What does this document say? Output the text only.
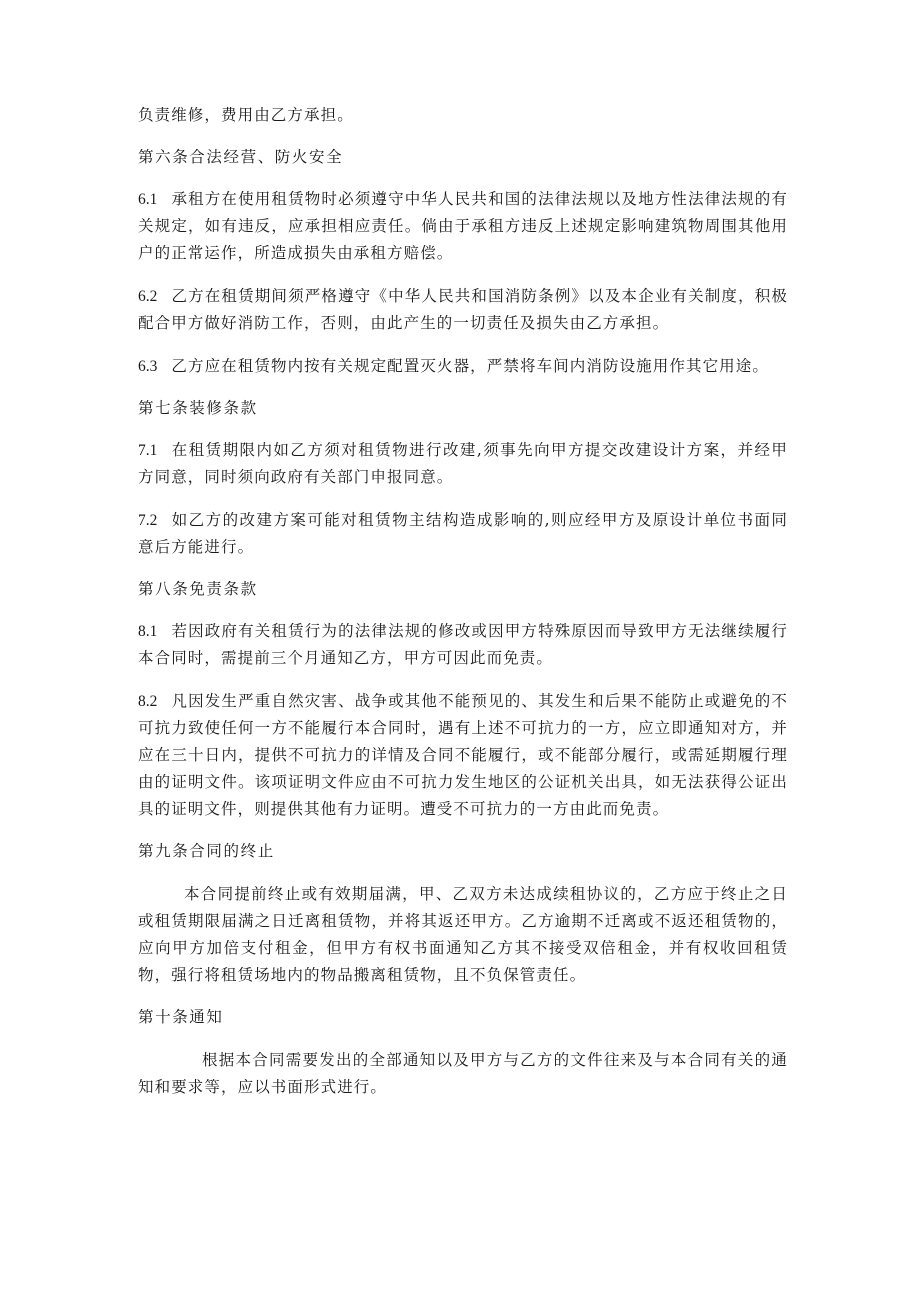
负责维修，费用由乙方承担。

第六条合法经营、防火安全

6.1 承租方在使用租赁物时必须遵守中华人民共和国的法律法规以及地方性法律法规的有关规定，如有违反，应承担相应责任。倘由于承租方违反上述规定影响建筑物周围其他用户的正常运作，所造成损失由承租方赔偿。

6.2 乙方在租赁期间须严格遵守《中华人民共和国消防条例》以及本企业有关制度，积极配合甲方做好消防工作，否则，由此产生的一切责任及损失由乙方承担。

6.3 乙方应在租赁物内按有关规定配置灭火器，严禁将车间内消防设施用作其它用途。

第七条装修条款

7.1 在租赁期限内如乙方须对租赁物进行改建,须事先向甲方提交改建设计方案，并经甲方同意，同时须向政府有关部门申报同意。

7.2 如乙方的改建方案可能对租赁物主结构造成影响的,则应经甲方及原设计单位书面同意后方能进行。

第八条免责条款

8.1 若因政府有关租赁行为的法律法规的修改或因甲方特殊原因而导致甲方无法继续履行本合同时，需提前三个月通知乙方，甲方可因此而免责。

8.2 凡因发生严重自然灾害、战争或其他不能预见的、其发生和后果不能防止或避免的不可抗力致使任何一方不能履行本合同时，遇有上述不可抗力的一方，应立即通知对方，并应在三十日内，提供不可抗力的详情及合同不能履行，或不能部分履行，或需延期履行理由的证明文件。该项证明文件应由不可抗力发生地区的公证机关出具，如无法获得公证出具的证明文件，则提供其他有力证明。遭受不可抗力的一方由此而免责。

第九条合同的终止

本合同提前终止或有效期届满，甲、乙双方未达成续租协议的，乙方应于终止之日或租赁期限届满之日迁离租赁物，并将其返还甲方。乙方逾期不迁离或不返还租赁物的，应向甲方加倍支付租金，但甲方有权书面通知乙方其不接受双倍租金，并有权收回租赁物，强行将租赁场地内的物品搬离租赁物，且不负保管责任。

第十条通知

根据本合同需要发出的全部通知以及甲方与乙方的文件往来及与本合同有关的通知和要求等，应以书面形式进行。
